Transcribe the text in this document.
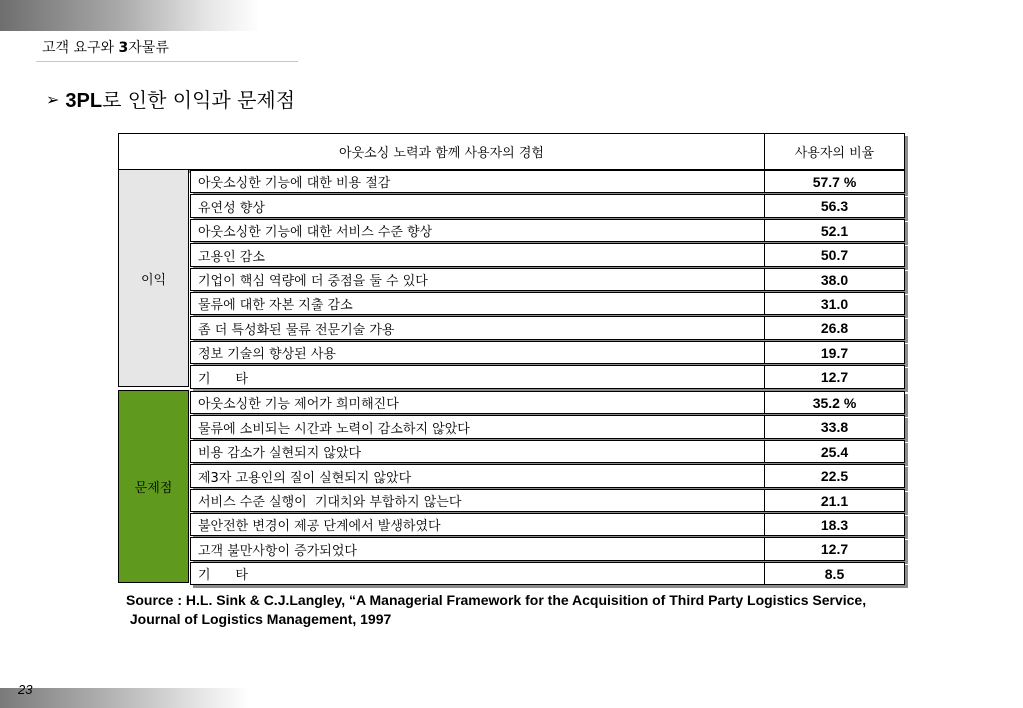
고객 요구와 3자물류
➢ 3PL로 인한 이익과 문제점
아웃소싱 노력과 함께 사용자의 경험	사용자의 비율
이익
문제점
아웃소싱한 기능에 대한 비용 절감	57.7 %
유연성 향상	56.3
아웃소싱한 기능에 대한 서비스 수준 향상	52.1
고용인 감소	50.7
기업이 핵심 역량에 더 중점을 둘 수 있다	38.0
물류에 대한 자본 지출 감소	31.0
좀 더 특성화된 물류 전문기술 가용	26.8
정보 기술의 향상된 사용	19.7
기      타	12.7
아웃소싱한 기능 제어가 희미해진다	35.2 %
물류에 소비되는 시간과 노력이 감소하지 않았다	33.8
비용 감소가 실현되지 않았다	25.4
제3자 고용인의 질이 실현되지 않았다	22.5
서비스 수준 실행이  기대치와 부합하지 않는다	21.1
불안전한 변경이 제공 단계에서 발생하였다	18.3
고객 불만사항이 증가되었다	12.7
기      타	8.5
Source : H.L. Sink & C.J.Langley, “A Managerial Framework for the Acquisition of Third Party Logistics Service,
Journal of Logistics Management, 1997
23
